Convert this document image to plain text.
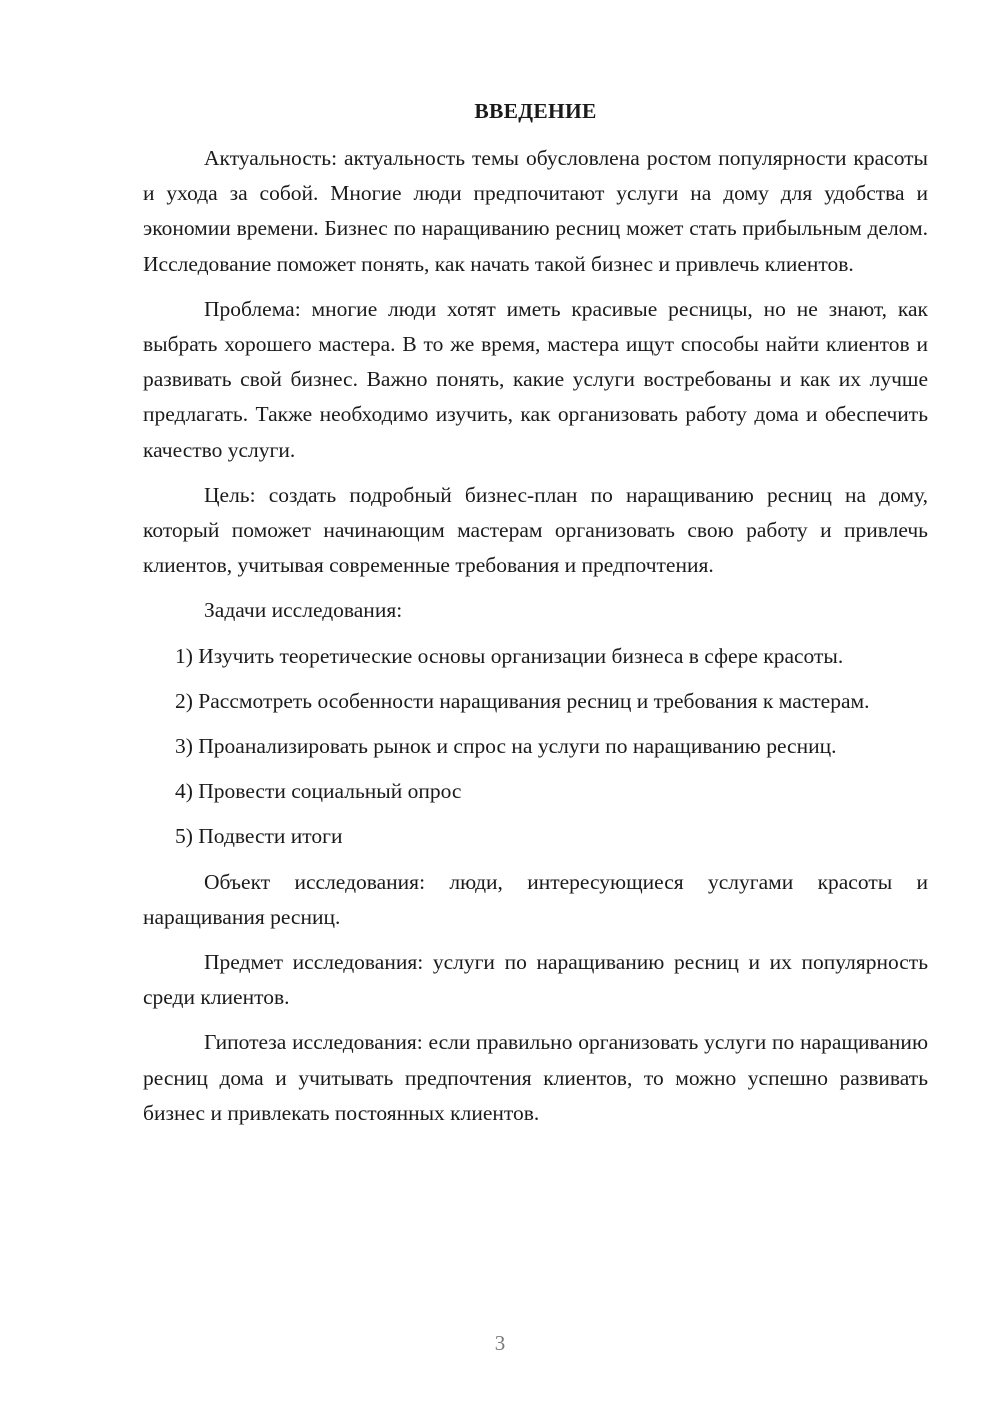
ВВЕДЕНИЕ

Актуальность: актуальность темы обусловлена ростом популярности красоты и ухода за собой. Многие люди предпочитают услуги на дому для удобства и экономии времени. Бизнес по наращиванию ресниц может стать прибыльным делом. Исследование поможет понять, как начать такой бизнес и привлечь клиентов.

Проблема: многие люди хотят иметь красивые ресницы, но не знают, как выбрать хорошего мастера. В то же время, мастера ищут способы найти клиентов и развивать свой бизнес. Важно понять, какие услуги востребованы и как их лучше предлагать. Также необходимо изучить, как организовать работу дома и обеспечить качество услуги.

Цель: создать подробный бизнес-план по наращиванию ресниц на дому, который поможет начинающим мастерам организовать свою работу и привлечь клиентов, учитывая современные требования и предпочтения.

Задачи исследования:

1) Изучить теоретические основы организации бизнеса в сфере красоты.

2) Рассмотреть особенности наращивания ресниц и требования к мастерам.

3) Проанализировать рынок и спрос на услуги по наращиванию ресниц.

4) Провести социальный опрос

5) Подвести итоги

Объект исследования: люди, интересующиеся услугами красоты и наращивания ресниц.

Предмет исследования: услуги по наращиванию ресниц и их популярность среди клиентов.

Гипотеза исследования: если правильно организовать услуги по наращиванию ресниц дома и учитывать предпочтения клиентов, то можно успешно развивать бизнес и привлекать постоянных клиентов.

3
